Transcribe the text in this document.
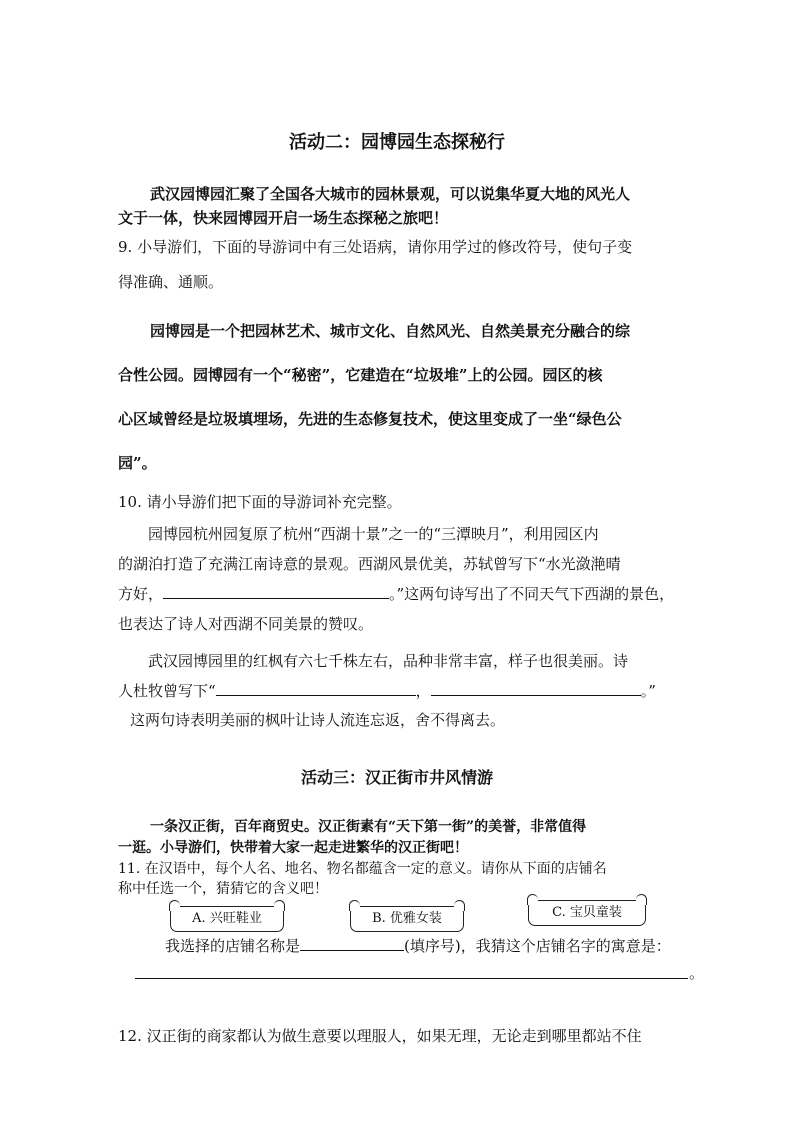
活动二：园博园生态探秘行
武汉园博园汇聚了全国各大城市的园林景观，可以说集华夏大地的风光人
文于一体，快来园博园开启一场生态探秘之旅吧！
9. 小导游们，下面的导游词中有三处语病，请你用学过的修改符号，使句子变
得准确、通顺。
园博园是一个把园林艺术、城市文化、自然风光、自然美景充分融合的综
合性公园。园博园有一个“秘密”，它建造在“垃圾堆”上的公园。园区的核
心区域曾经是垃圾填埋场，先进的生态修复技术，使这里变成了一坐“绿色公
园”。
10. 请小导游们把下面的导游词补充完整。
园博园杭州园复原了杭州“西湖十景”之一的“三潭映月”，利用园区内
的湖泊打造了充满江南诗意的景观。西湖风景优美，苏轼曾写下“水光潋滟晴
方好，	。”这两句诗写出了不同天气下西湖的景色，
也表达了诗人对西湖不同美景的赞叹。
武汉园博园里的红枫有六七千株左右，品种非常丰富，样子也很美丽。诗
人杜牧曾写下“	，	。”
这两句诗表明美丽的枫叶让诗人流连忘返，舍不得离去。
活动三：汉正街市井风情游
一条汉正街，百年商贸史。汉正街素有“天下第一街”的美誉，非常值得
一逛。小导游们，快带着大家一起走进繁华的汉正街吧！
11. 在汉语中，每个人名、地名、物名都蕴含一定的意义。请你从下面的店铺名
称中任选一个，猜猜它的含义吧！
A. 兴旺鞋业	B. 优雅女装	C. 宝贝童装
我选择的店铺名称是	(填序号)，我猜这个店铺名字的寓意是：
。
12. 汉正街的商家都认为做生意要以理服人，如果无理，无论走到哪里都站不住
